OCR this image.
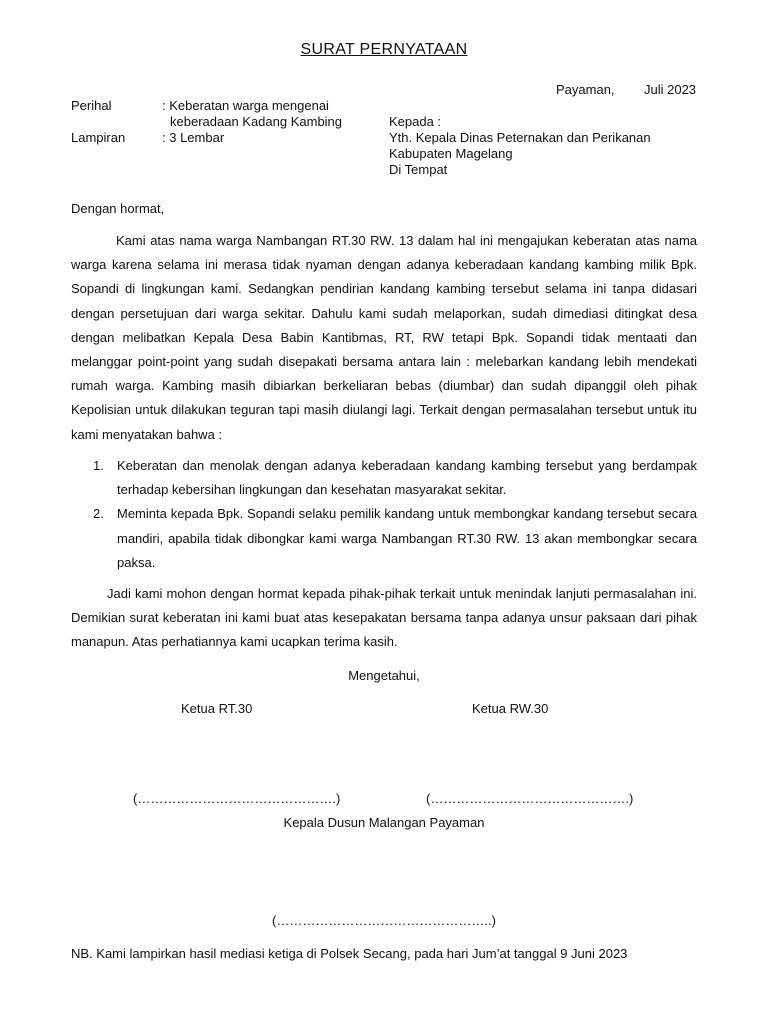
SURAT PERNYATAAN
Payaman, Juli 2023
Perihal	: Keberatan warga mengenai
keberadaan Kadang Kambing
Lampiran	: 3 Lembar
Kepada :
Yth. Kepala Dinas Peternakan dan Perikanan
Kabupaten Magelang
Di Tempat
Dengan hormat,

Kami atas nama warga Nambangan RT.30 RW. 13 dalam hal ini mengajukan keberatan atas nama warga karena selama ini merasa tidak nyaman dengan adanya keberadaan kandang kambing milik Bpk. Sopandi di lingkungan kami. Sedangkan pendirian kandang kambing tersebut selama ini tanpa didasari dengan persetujuan dari warga sekitar. Dahulu kami sudah melaporkan, sudah dimediasi ditingkat desa dengan melibatkan Kepala Desa Babin Kantibmas, RT, RW tetapi Bpk. Sopandi tidak mentaati dan melanggar point-point yang sudah disepakati bersama antara lain : melebarkan kandang lebih mendekati rumah warga. Kambing masih dibiarkan berkeliaran bebas (diumbar) dan sudah dipanggil oleh pihak Kepolisian untuk dilakukan teguran tapi masih diulangi lagi. Terkait dengan permasalahan tersebut untuk itu kami menyatakan bahwa :

1. Keberatan dan menolak dengan adanya keberadaan kandang kambing tersebut yang berdampak terhadap kebersihan lingkungan dan kesehatan masyarakat sekitar.
2. Meminta kepada Bpk. Sopandi selaku pemilik kandang untuk membongkar kandang tersebut secara mandiri, apabila tidak dibongkar kami warga Nambangan RT.30 RW. 13 akan membongkar secara paksa.

Jadi kami mohon dengan hormat kepada pihak-pihak terkait untuk menindak lanjuti permasalahan ini. Demikian surat keberatan ini kami buat atas kesepakatan bersama tanpa adanya unsur paksaan dari pihak manapun. Atas perhatiannya kami ucapkan terima kasih.

Mengetahui,
Ketua RT.30	Ketua RW.30
(……………………………………….)	(……………………………………….)
Kepala Dusun Malangan Payaman
(…………………………………………..)
NB. Kami lampirkan hasil mediasi ketiga di Polsek Secang, pada hari Jum’at tanggal 9 Juni 2023
